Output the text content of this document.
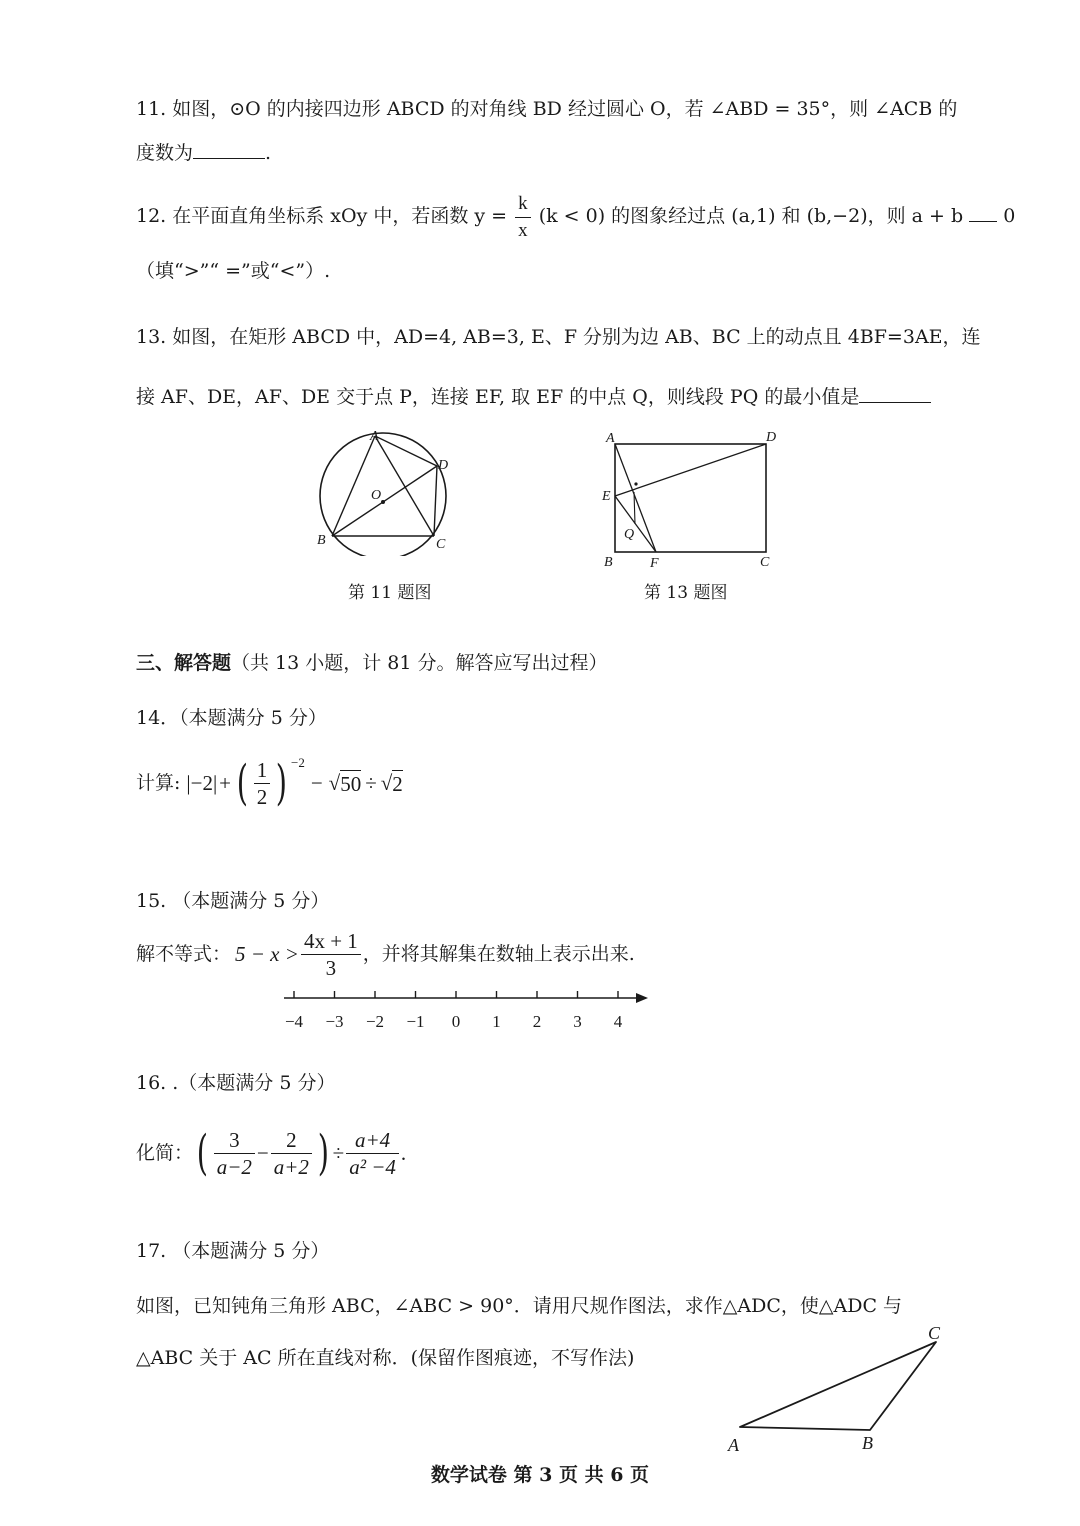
11. 如图，⊙O 的内接四边形 ABCD 的对角线 BD 经过圆心 O，若 ∠ABD = 35°，则 ∠ACB 的
度数为	.
12. 在平面直角坐标系 xOy 中，若函数 $y = \frac{k}{x} (k < 0)$ 的图象经过点 (a,1) 和 (b,−2)，则 a + b 0
（填“>”“ =”或“<”）.
13. 如图，在矩形 ABCD 中，AD=4, AB=3, E、F 分别为边 AB、BC 上的动点且 4BF=3AE，连
接 AF、DE，AF、DE 交于点 P，连接 EF, 取 EF 的中点 Q，则线段 PQ 的最小值是
A
B	C
D
O
第 11 题图
A
B	C
D
E
F
Q
第 13 题图
三、解答题（共 13 小题，计 81 分。解答应写出过程）
14．（本题满分 5 分）
计算: |−2| + ( $\frac{1}{2}$ ) −2
− √ 50 ÷ √ 2
15. （本题满分 5 分）
解不等式： $5 - x > \frac{4x + 1}{3}$ ，并将其解集在数轴上表示出来.
−4 −3 −2 −1 0 1 2 3 4
16. .（本题满分 5 分）
化简： ( $\frac{3}{a-2} - \frac{2}{a+2}$ ) ÷ $\frac{a+4}{\text{a² −4}}$ .
17. （本题满分 5 分）
如图，已知钝角三角形 ABC，∠ABC > 90°．请用尺规作图法，求作△ADC，使△ADC 与
△ABC 关于 AC 所在直线对称．(保留作图痕迹，不写作法)
A	B
C
数学试卷 第 3 页 共 6 页
